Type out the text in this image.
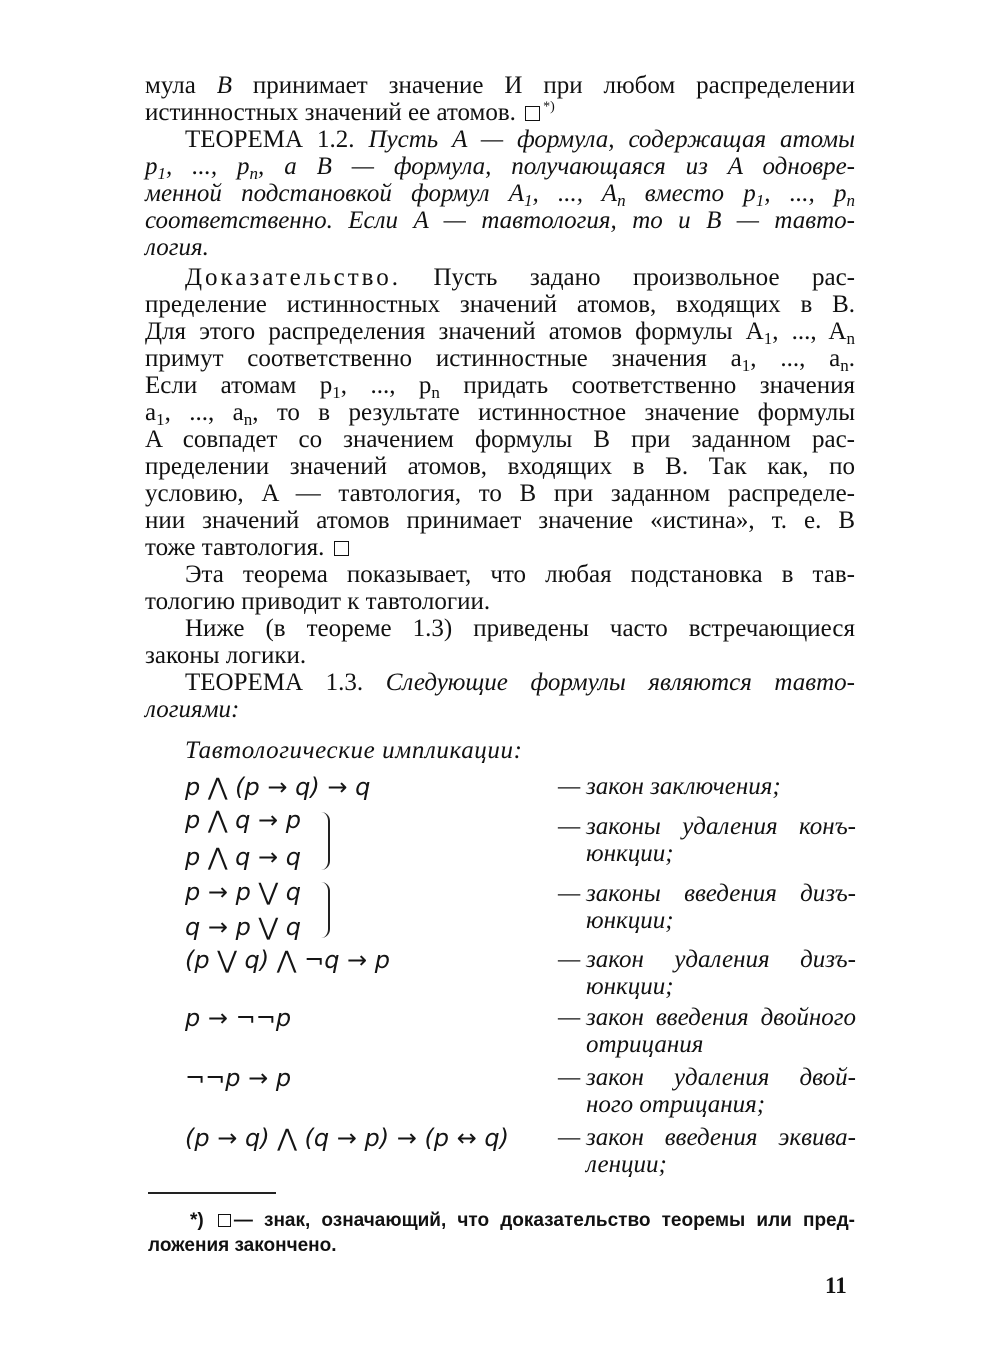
мула B принимает значение И при любом распределении
истинностных значений ее атомов. *)
ТЕОРЕМА 1.2. Пусть A — формула, содержащая атомы
$p_1$, ..., $p_n$, а B — формула, получающаяся из A одновре-
менной подстановкой формул $A_1$, ..., $A_n$ вместо $p_1$, ..., $p_n$
соответственно. Если A — тавтология, то и B — тавто-
логия.
Доказательство. Пусть задано произвольное рас-
пределение истинностных значений атомов, входящих в B.
Для этого распределения значений атомов формулы $A_1$, ..., $A_n$
примут соответственно истинностные значения $a_1$, ..., $a_n$.
Если атомам $p_1$, ..., $p_n$ придать соответственно значения
$a_1$, ..., $a_n$, то в результате истинностное значение формулы
A совпадет со значением формулы B при заданном рас-
пределении значений атомов, входящих в B. Так как, по
условию, A — тавтология, то B при заданном распределе-
нии значений атомов принимает значение «истина», т. е. B
тоже тавтология.
Эта теорема показывает, что любая подстановка в тав-
тологию приводит к тавтологии.
Ниже (в теореме 1.3) приведены часто встречающиеся
законы логики.
ТЕОРЕМА 1.3. Следующие формулы являются тавто-
логиями:
Тавтологические импликации:
p ⋀ (p → q) → q
p ⋀ q → p
p ⋀ q → q
p → p ⋁ q
q → p ⋁ q
(p ⋁ q) ⋀ ¬q → p
p → ¬¬p
¬¬p → p
(p → q) ⋀ (q → p) → (p ↔ q)
— закон заключения;
— законы удаления конъ-
юнкции;
— законы введения дизъ-
юнкции;
— закон удаления дизъ-
юнкции;
— закон введения двойного
отрицания
— закон удаления двой-
ного отрицания;
— закон введения эквива-
ленции;
*) — знак, означающий, что доказательство теоремы или пред-
ложения закончено.
11
